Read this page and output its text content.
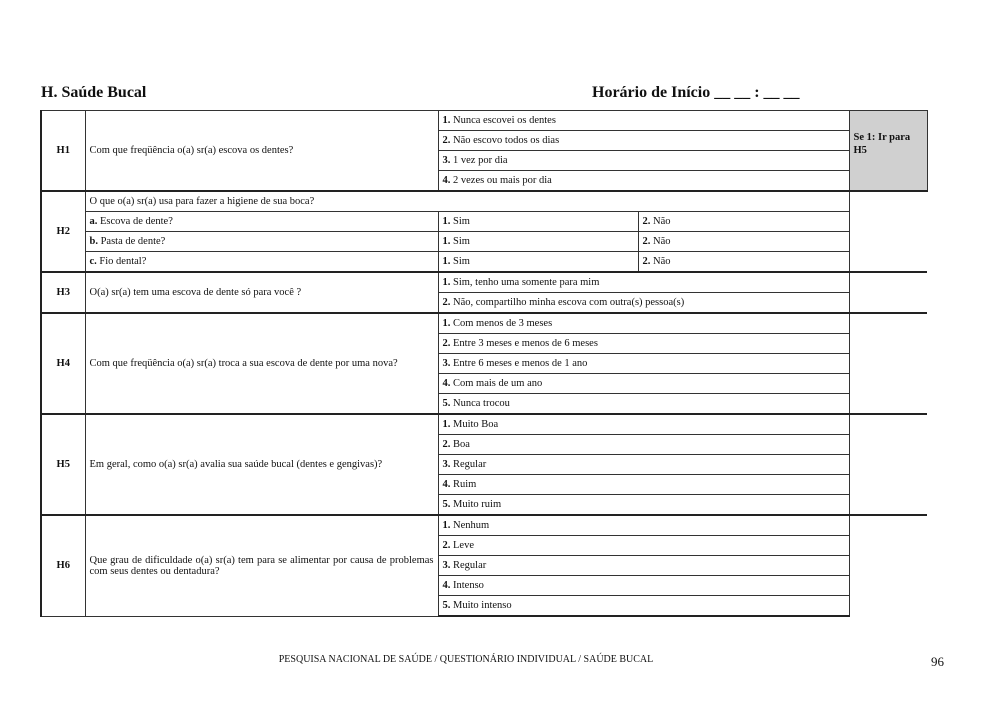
H. Saúde Bucal	Horário de Início __ __ : __ __
H1	Com que freqüência o(a) sr(a) escova os dentes?	1. Nunca escovei os dentes		Se 1: Ir para H5
		2. Não escovo todos os dias		
		3. 1 vez por dia		
		4. 2 vezes ou mais por dia		
H2	O que o(a) sr(a) usa para fazer a higiene de sua boca?			
	a. Escova de dente?	1. Sim	2. Não	
	b. Pasta de dente?	1. Sim	2. Não	
	c. Fio dental?	1. Sim	2. Não	
H3	O(a) sr(a) tem uma escova de dente só para você ?	1. Sim, tenho uma somente para mim		
		2. Não, compartilho minha escova com outra(s) pessoa(s)		
H4	Com que freqüência o(a) sr(a) troca a sua escova de dente por uma nova?	1. Com menos de 3 meses		
		2. Entre 3 meses e menos de 6 meses		
		3. Entre 6 meses e menos de 1 ano		
		4. Com mais de um ano		
		5. Nunca trocou		
H5	Em geral, como o(a) sr(a) avalia sua saúde bucal (dentes e gengivas)?	1. Muito Boa		
		2. Boa		
		3. Regular		
		4. Ruim		
		5. Muito ruim		
H6	Que grau de dificuldade o(a) sr(a) tem para se alimentar por causa de problemas com seus dentes ou dentadura?	1. Nenhum		
		2. Leve		
		3. Regular		
		4. Intenso		
		5. Muito intenso		
PESQUISA NACIONAL DE SAÚDE / QUESTIONÁRIO INDIVIDUAL / SAÚDE BUCAL	96
